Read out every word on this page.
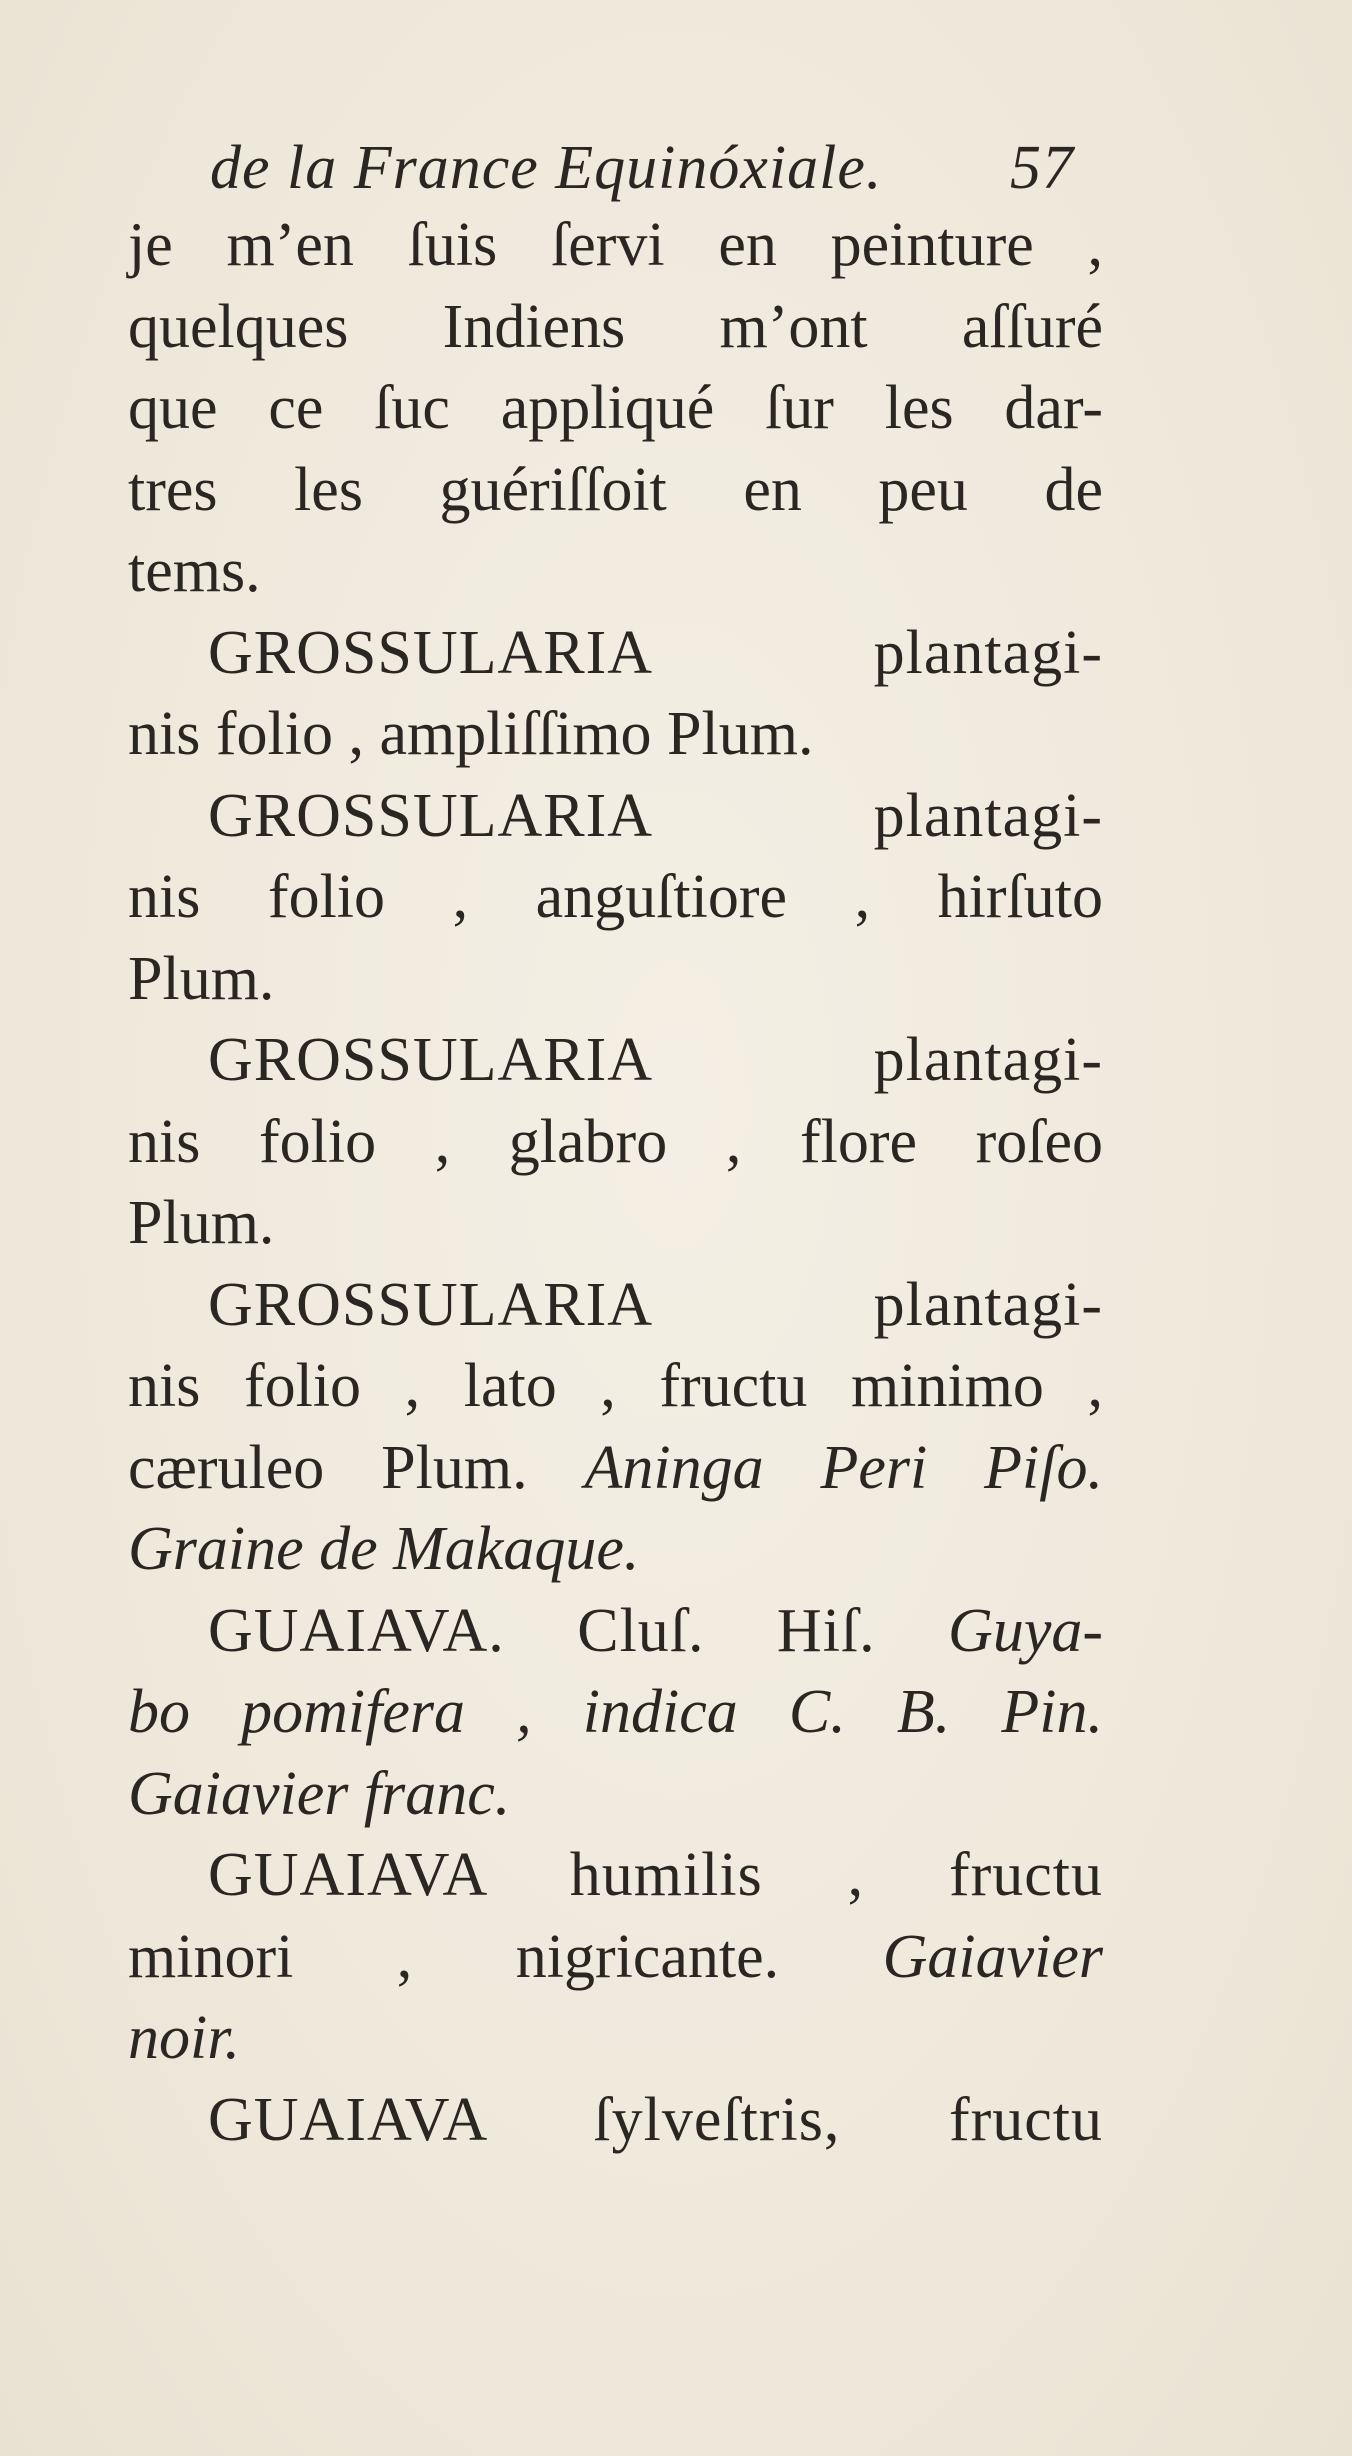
de la France Equinóxiale. 57
je m’en ſuis ſervi en peinture ,
quelques Indiens m’ont aſſuré
que ce ſuc appliqué ſur les dar-
tres les guériſſoit en peu de
tems.
GROSSULARIA plantagi-
nis folio , ampliſſimo Plum.
GROSSULARIA plantagi-
nis folio , anguſtiore , hirſuto
Plum.
GROSSULARIA plantagi-
nis folio , glabro , flore roſeo
Plum.
GROSSULARIA plantagi-
nis folio , lato , fructu minimo ,
cæruleo Plum. Aninga Peri Piſo.
Graine de Makaque.
GUAIAVA. Cluſ. Hiſ. Guya-
bo pomifera , indica C. B. Pin.
Gaiavier franc.
GUAIAVA humilis , fructu
minori , nigricante. Gaiavier
noir.
GUAIAVA ſylveſtris, fructu
